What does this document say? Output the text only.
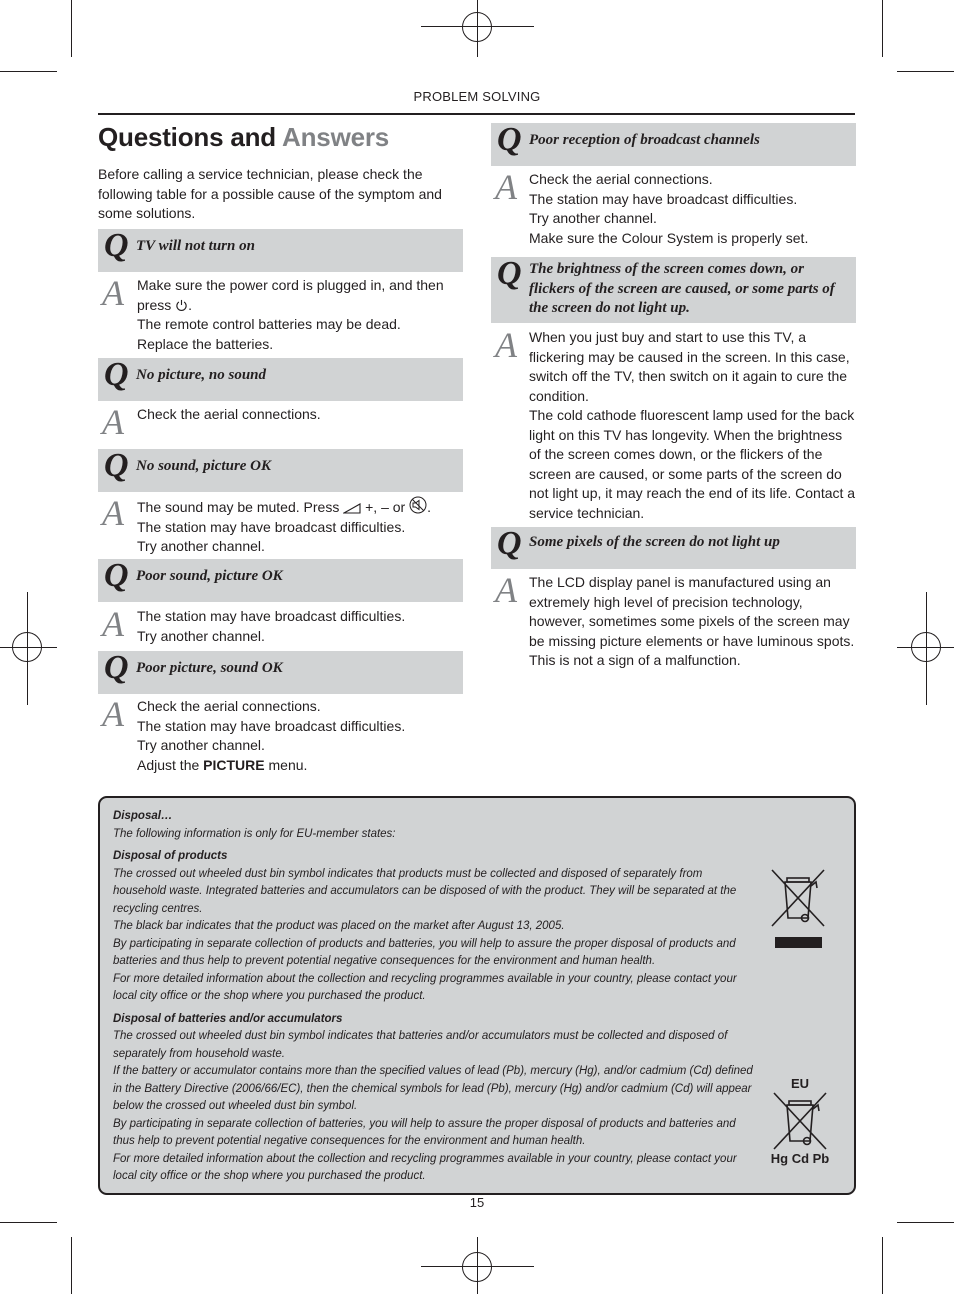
PROBLEM SOLVING
Questions and Answers
Before calling a service technician, please check the following table for a possible cause of the symptom and some solutions.
Q TV will not turn on
A Make sure the power cord is plugged in, and then press .

The remote control batteries may be dead.

Replace the batteries.

Q No picture, no sound
A Check the aerial connections.

Q No sound, picture OK
A The sound may be muted. Press +, – or .

The station may have broadcast difficulties.

Try another channel.

Q Poor sound, picture OK
A The station may have broadcast difficulties.

Try another channel.

Q Poor picture, sound OK
A Check the aerial connections.

The station may have broadcast difficulties.

Try another channel.

Adjust the PICTURE menu.

Q Poor reception of broadcast channels
A Check the aerial connections.

The station may have broadcast difficulties.

Try another channel.

Make sure the Colour System is properly set.

Q The brightness of the screen comes down, or flickers of the screen are caused, or some parts of the screen do not light up.
A When you just buy and start to use this TV, a flickering may be caused in the screen. In this case, switch off the TV, then switch on it again to cure the condition.

The cold cathode fluorescent lamp used for the back light on this TV has longevity. When the brightness of the screen comes down, or the flickers of the screen are caused, or some parts of the screen do not light up, it may reach the end of its life. Contact a service technician.

Q Some pixels of the screen do not light up
A The LCD display panel is manufactured using an extremely high level of precision technology, however, sometimes some pixels of the screen may be missing picture elements or have luminous spots. This is not a sign of a malfunction.

Disposal…

The following information is only for EU-member states:

Disposal of products

The crossed out wheeled dust bin symbol indicates that products must be collected and disposed of separately from household waste. Integrated batteries and accumulators can be disposed of with the product. They will be separated at the recycling centres.

The black bar indicates that the product was placed on the market after August 13, 2005.

By participating in separate collection of products and batteries, you will help to assure the proper disposal of products and batteries and thus help to prevent potential negative consequences for the environment and human health.

For more detailed information about the collection and recycling programmes available in your country, please contact your local city office or the shop where you purchased the product.

Disposal of batteries and/or accumulators

The crossed out wheeled dust bin symbol indicates that batteries and/or accumulators must be collected and disposed of separately from household waste.

If the battery or accumulator contains more than the specified values of lead (Pb), mercury (Hg), and/or cadmium (Cd) defined in the Battery Directive (2006/66/EC), then the chemical symbols for lead (Pb), mercury (Hg) and/or cadmium (Cd) will appear below the crossed out wheeled dust bin symbol.

By participating in separate collection of batteries, you will help to assure the proper disposal of products and batteries and thus help to prevent potential negative consequences for the environment and human health.

For more detailed information about the collection and recycling programmes available in your country, please contact your local city office or the shop where you purchased the product.

EU
Hg Cd Pb
15
